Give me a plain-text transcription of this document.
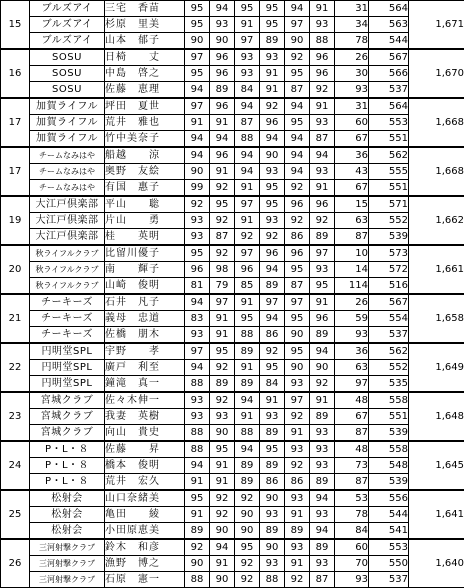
15	ブルズアイ	三宅　香苗	95	94	95	95	94	91	31	564	1,671
	ブルズアイ	杉原　里美	95	93	91	95	97	93	34	563	
	ブルズアイ	山本　郁子	90	90	97	89	90	88	78	544	
16	SOSU	日椅　　丈	97	96	93	93	92	96	26	567	1,670
	SOSU	中島　啓之	95	96	93	91	95	96	30	566	
	SOSU	佐藤　恵理	94	89	84	91	87	92	93	537	
17	加賀ライフル	坪田　夏世	97	96	94	92	94	91	31	564	1,668
	加賀ライフル	荒井　雅也	91	91	87	96	95	93	60	553	
	加賀ライフル	竹中美奈子	94	94	88	94	94	87	67	551	
17	チームなみはや	船越　　涼	94	96	94	90	94	94	36	562	1,668
	チームなみはや	奥野　友絵	90	91	94	93	94	93	43	555	
	チームなみはや	有国　惠子	99	92	91	95	92	91	67	551	
19	大江戸倶楽部	平山　　聡	92	95	97	95	96	96	15	571	1,662
	大江戸倶楽部	片山　　勇	93	92	91	93	92	92	63	552	
	大江戸倶楽部	桂　　英明	93	87	92	92	86	89	87	539	
20	秋ライフルクラブ	比留川優子	95	92	97	96	96	97	10	573	1,661
	秋ライフルクラブ	南　　輝子	96	98	96	94	95	93	14	572	
	秋ライフルクラブ	山崎　俊明	81	79	85	89	87	95	114	516	
21	チーキーズ	石井　凡子	94	97	91	97	97	91	26	567	1,658
	チーキーズ	義母　忠道	83	91	95	94	95	96	59	554	
	チーキーズ	佐橋　朋木	93	91	88	86	90	89	93	537	
22	円明堂SPL	宇野　　孝	97	95	89	92	95	94	36	562	1,649
	円明堂SPL	廣戸　利至	94	92	91	95	90	90	63	552	
	円明堂SPL	鐘滝　真一	88	89	89	84	93	92	97	535	
23	宮城クラブ	佐々木伸一	93	92	94	91	97	91	48	558	1,648
	宮城クラブ	我妻　英樹	93	93	91	93	92	89	67	551	
	宮城クラブ	向山　貴史	88	90	88	89	91	93	87	539	
24	P・L・８	佐藤　　昇	88	95	94	95	93	93	48	558	1,645
	P・L・８	橋本　俊明	94	91	89	89	92	93	73	548	
	P・L・８	荒井　宏久	91	91	89	86	86	89	87	539	
25	松射会	山口奈緒美	95	92	92	90	93	94	53	556	1,641
	松射会	亀田　　綾	91	92	90	93	91	93	78	544	
	松射会	小田原恵美	89	90	90	89	89	94	84	541	
26	三河射撃クラブ	鈴木　和彦	92	94	95	90	93	89	60	553	1,640
	三河射撃クラブ	漁野　博之	90	91	92	93	91	93	70	550	
	三河射撃クラブ	石原　憲一	88	90	92	88	92	87	93	537	
